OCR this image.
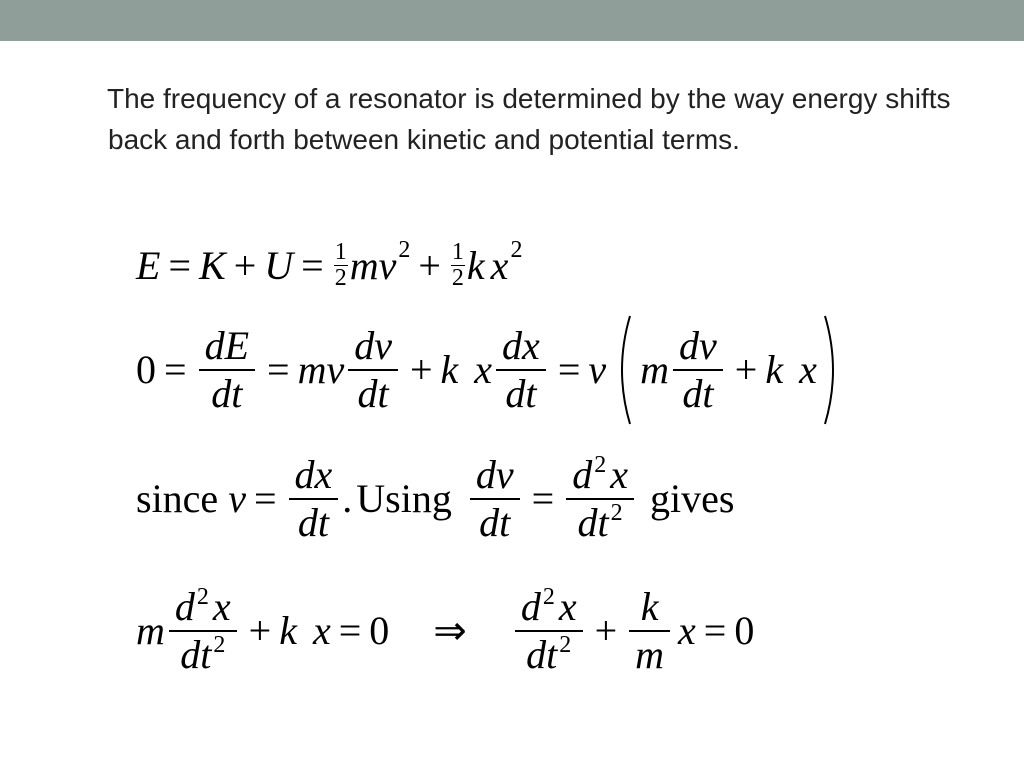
The frequency of a resonator is determined by the way energy shifts back and forth between kinetic and potential terms.
$E = K + U = \frac{1}{2}$ mv $2 + \frac{1}{2}$ k x 2
$0 = \frac{dE}{dt}$ = mv $\frac{dv}{dt} + k$ x $\frac{dx}{dt} = v$ m $\frac{dv}{dt} + k$ x
since $v = \frac{dx}{dt}$ . Using $\frac{dv}{dt} = \frac{d^2 x}{dt^2}$ gives
m $\frac{d^2 x}{dt^2} + k$ x = 0 ⇒ $\frac{d^2 x}{dt^2} + \frac{k}{m}$ x = 0
